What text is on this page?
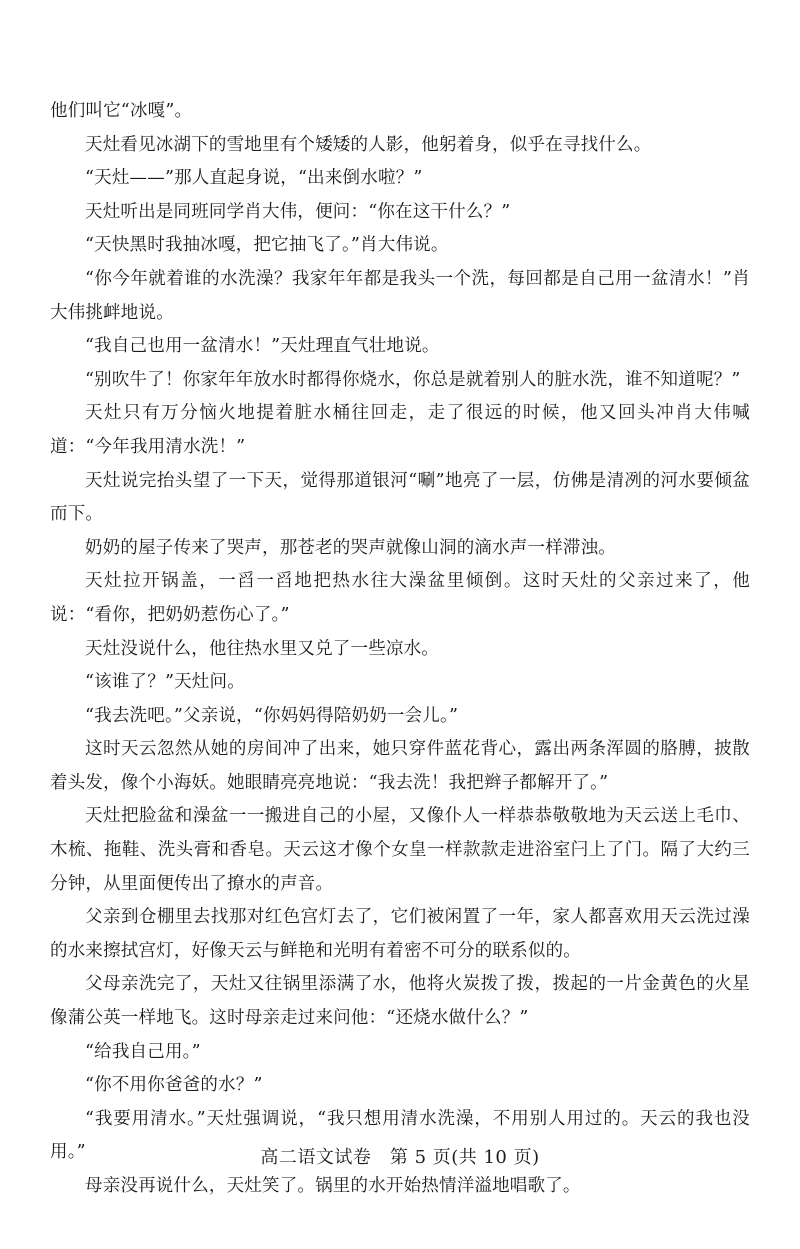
他们叫它“冰嘎”。

天灶看见冰湖下的雪地里有个矮矮的人影，他躬着身，似乎在寻找什么。

“天灶——”那人直起身说，“出来倒水啦？”

天灶听出是同班同学肖大伟，便问：“你在这干什么？”

“天快黑时我抽冰嘎，把它抽飞了。”肖大伟说。

“你今年就着谁的水洗澡？我家年年都是我头一个洗，每回都是自己用一盆清水！”肖大伟挑衅地说。

“我自己也用一盆清水！”天灶理直气壮地说。

“别吹牛了！你家年年放水时都得你烧水，你总是就着别人的脏水洗，谁不知道呢？”

天灶只有万分恼火地提着脏水桶往回走，走了很远的时候，他又回头冲肖大伟喊道：“今年我用清水洗！”

天灶说完抬头望了一下天，觉得那道银河“唰”地亮了一层，仿佛是清冽的河水要倾盆而下。

奶奶的屋子传来了哭声，那苍老的哭声就像山洞的滴水声一样滞浊。

天灶拉开锅盖，一舀一舀地把热水往大澡盆里倾倒。这时天灶的父亲过来了，他说：“看你，把奶奶惹伤心了。”

天灶没说什么，他往热水里又兑了一些凉水。

“该谁了？”天灶问。

“我去洗吧。”父亲说，“你妈妈得陪奶奶一会儿。”

这时天云忽然从她的房间冲了出来，她只穿件蓝花背心，露出两条浑圆的胳膊，披散着头发，像个小海妖。她眼睛亮亮地说：“我去洗！我把辫子都解开了。”

天灶把脸盆和澡盆一一搬进自己的小屋，又像仆人一样恭恭敬敬地为天云送上毛巾、木梳、拖鞋、洗头膏和香皂。天云这才像个女皇一样款款走进浴室闩上了门。隔了大约三分钟，从里面便传出了撩水的声音。

父亲到仓棚里去找那对红色宫灯去了，它们被闲置了一年，家人都喜欢用天云洗过澡的水来擦拭宫灯，好像天云与鲜艳和光明有着密不可分的联系似的。

父母亲洗完了，天灶又往锅里添满了水，他将火炭拨了拨，拨起的一片金黄色的火星像蒲公英一样地飞。这时母亲走过来问他：“还烧水做什么？”

“给我自己用。”

“你不用你爸爸的水？”

“我要用清水。”天灶强调说，“我只想用清水洗澡，不用别人用过的。天云的我也没用。”

母亲没再说什么，天灶笑了。锅里的水开始热情洋溢地唱歌了。

高二语文试卷　第 5 页(共 10 页)
